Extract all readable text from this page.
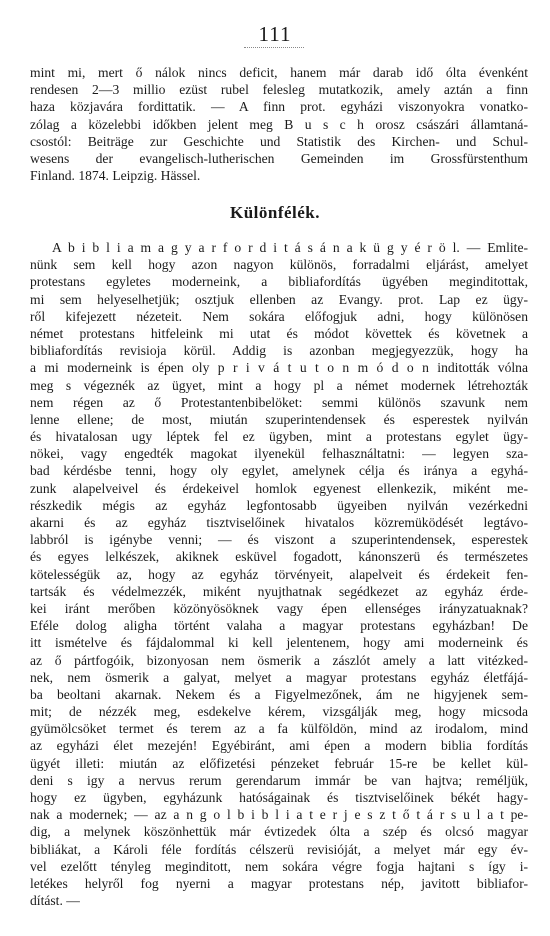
111
mint mi, mert ő nálok nincs deficit, hanem már darab idő ólta évenként
rendesen 2—3 millio ezüst rubel felesleg mutatkozik, amely aztán a finn
haza közjavára fordittatik. — A finn prot. egyházi viszonyokra vonatko-
zólag a közelebbi időkben jelent meg B u s c h orosz császári államtaná-
csostól: Beiträge zur Geschichte und Statistik des Kirchen- und Schul-
wesens der evangelisch-lutherischen Gemeinden im Grossfürstenthum
Finland. 1874. Leipzig. Hässel.
Különfélék.
A b i b l i a m a g y a r f o r d i t á s á n a k ü g y é r ö l. — Emlite-
nünk sem kell hogy azon nagyon különös, forradalmi eljárást, amelyet
protestans egyletes moderneink, a bibliafordítás ügyében meginditottak,
mi sem helyeselhetjük; osztjuk ellenben az Evangy. prot. Lap ez ügy-
ről kifejezett nézeteit. Nem sokára előfogjuk adni, hogy különösen
német protestans hitfeleink mi utat és módot követtek és követnek a
bibliafordítás revisioja körül. Addig is azonban megjegyezzük, hogy ha
a mi moderneink is épen oly p r i v á t u t o n m ó d o n inditották vólna
meg s végeznék az ügyet, mint a hogy pl a német modernek létrehozták
nem régen az ő Protestantenbibelöket: semmi különös szavunk nem
lenne ellene; de most, miután szuperintendensek és esperestek nyilván
és hivatalosan ugy léptek fel ez ügyben, mint a protestans egylet ügy-
nökei, vagy engedték magokat ilyenekül felhasználtatni: — legyen sza-
bad kérdésbe tenni, hogy oly egylet, amelynek célja és iránya a egyhá-
zunk alapelveivel és érdekeivel homlok egyenest ellenkezik, miként me-
részkedik mégis az egyház legfontosabb ügyeiben nyilván vezérkedni
akarni és az egyház tisztviselőinek hivatalos közremüködését legtávo-
labbról is igénybe venni; — és viszont a szuperintendensek, esperestek
és egyes lelkészek, akiknek esküvel fogadott, kánonszerü és természetes
kötelességük az, hogy az egyház törvényeit, alapelveit és érdekeit fen-
tartsák és védelmezzék, miként nyujthatnak segédkezet az egyház érde-
kei iránt merőben közönyösöknek vagy épen ellenséges irányzatuaknak?
Eféle dolog aligha történt valaha a magyar protestans egyházban! De
itt ismételve és fájdalommal ki kell jelentenem, hogy ami moderneink és
az ő pártfogóik, bizonyosan nem ösmerik a zászlót amely a latt vitézked-
nek, nem ösmerik a galyat, melyet a magyar protestans egyház életfájá-
ba beoltani akarnak. Nekem és a Figyelmezőnek, ám ne higyjenek sem-
mit; de nézzék meg, esdekelve kérem, vizsgálják meg, hogy micsoda
gyümölcsöket termet és terem az a fa külföldön, mind az irodalom, mind
az egyházi élet mezején! Egyébiránt, ami épen a modern biblia fordítás
ügyét illeti: miután az előfizetési pénzeket február 15-re be kellet kül-
deni s igy a nervus rerum gerendarum immár be van hajtva; reméljük,
hogy ez ügyben, egyházunk hatóságainak és tisztviselőinek békét hagy-
nak a modernek; — az a n g o l b i b l i a t e r j e s z t ő t á r s u l a t pe-
dig, a melynek köszönhettük már évtizedek ólta a szép és olcsó magyar
bibliákat, a Károli féle fordítás célszerü revisióját, a melyet már egy év-
vel ezelőtt tényleg meginditott, nem sokára végre fogja hajtani s így i-
letékes helyről fog nyerni a magyar protestans nép, javitott bibliafor-
dítást. —
